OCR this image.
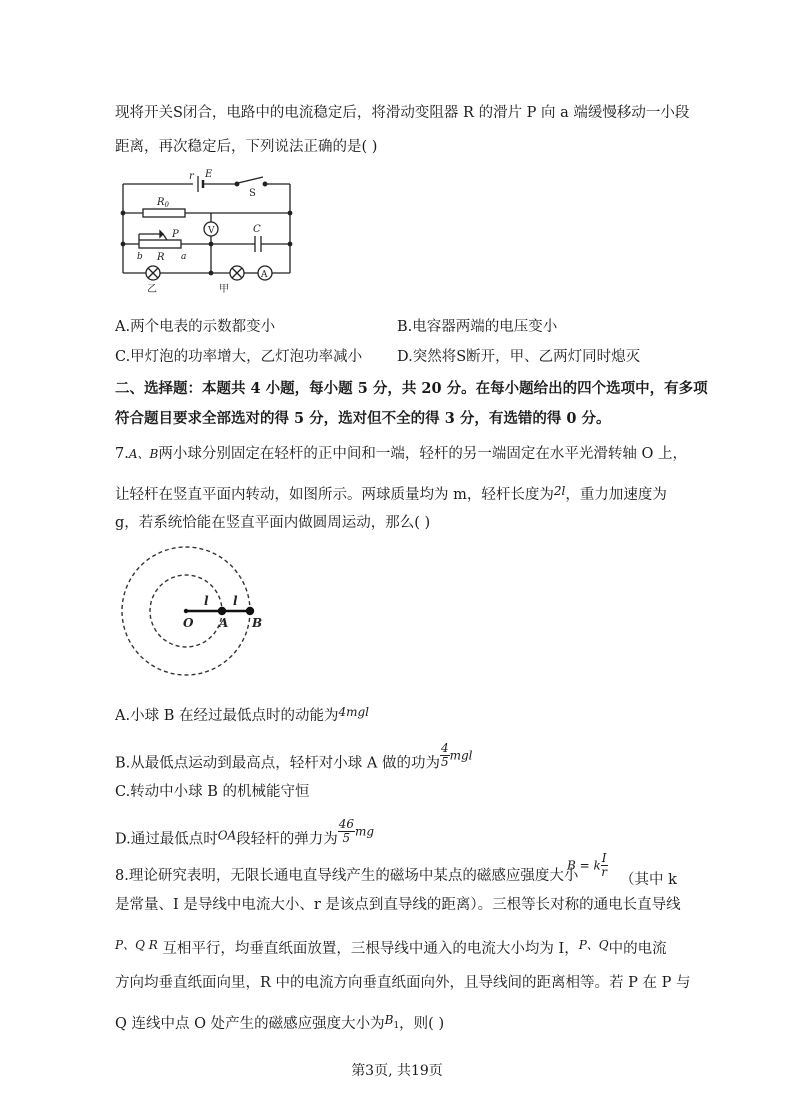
现将开关S闭合，电路中的电流稳定后，将滑动变阻器 R 的滑片 P 向 a 端缓慢移动一小段
距离，再次稳定后，下列说法正确的是( )
r E
S
$R_0$
V
P	C
b R a
A
乙	甲
A.两个电表的示数都变小	B.电容器两端的电压变小
C.甲灯泡的功率增大，乙灯泡功率减小 D.突然将S断开，甲、乙两灯同时熄灭
二、选择题：本题共 4 小题，每小题 5 分，共 20 分。在每小题给出的四个选项中，有多项
符合题目要求全部选对的得 5 分，选对但不全的得 3 分，有选错的得 0 分。
7.A、B两小球分别固定在轻杆的正中间和一端，轻杆的另一端固定在水平光滑转轴 O 上，
让轻杆在竖直平面内转动，如图所示。两球质量均为 m，轻杆长度为$^{2l}$，重力加速度为
g，若系统恰能在竖直平面内做圆周运动，那么( )
O A B
l l
A.小球 B 在经过最低点时的动能为$^{4mgl}$
B.从最低点运动到最高点，轻杆对小球 A 做的功为 $\frac{4}{5}$ mgl
C.转动中小球 B 的机械能守恒
D.通过最低点时$_{OA}$段轻杆的弹力为 $\frac{46}{5}$ mg
8.理论研究表明，无限长通电直导线产生的磁场中某点的磁感应强度大小
B = k $\frac{I}{r}$
（其中 k
是常量、I 是导线中电流大小、r 是该点到直导线的距离）。三根等长对称的通电长直导线
$^{P、Q R}$ 互相平行，均垂直纸面放置，三根导线中通入的电流大小均为 I，$^{P、Q}$中的电流
方向均垂直纸面向里，R 中的电流方向垂直纸面向外，且导线间的距离相等。若 P 在 P 与
Q 连线中点 O 处产生的磁感应强度大小为$^B$1，则( )
第3页, 共19页
